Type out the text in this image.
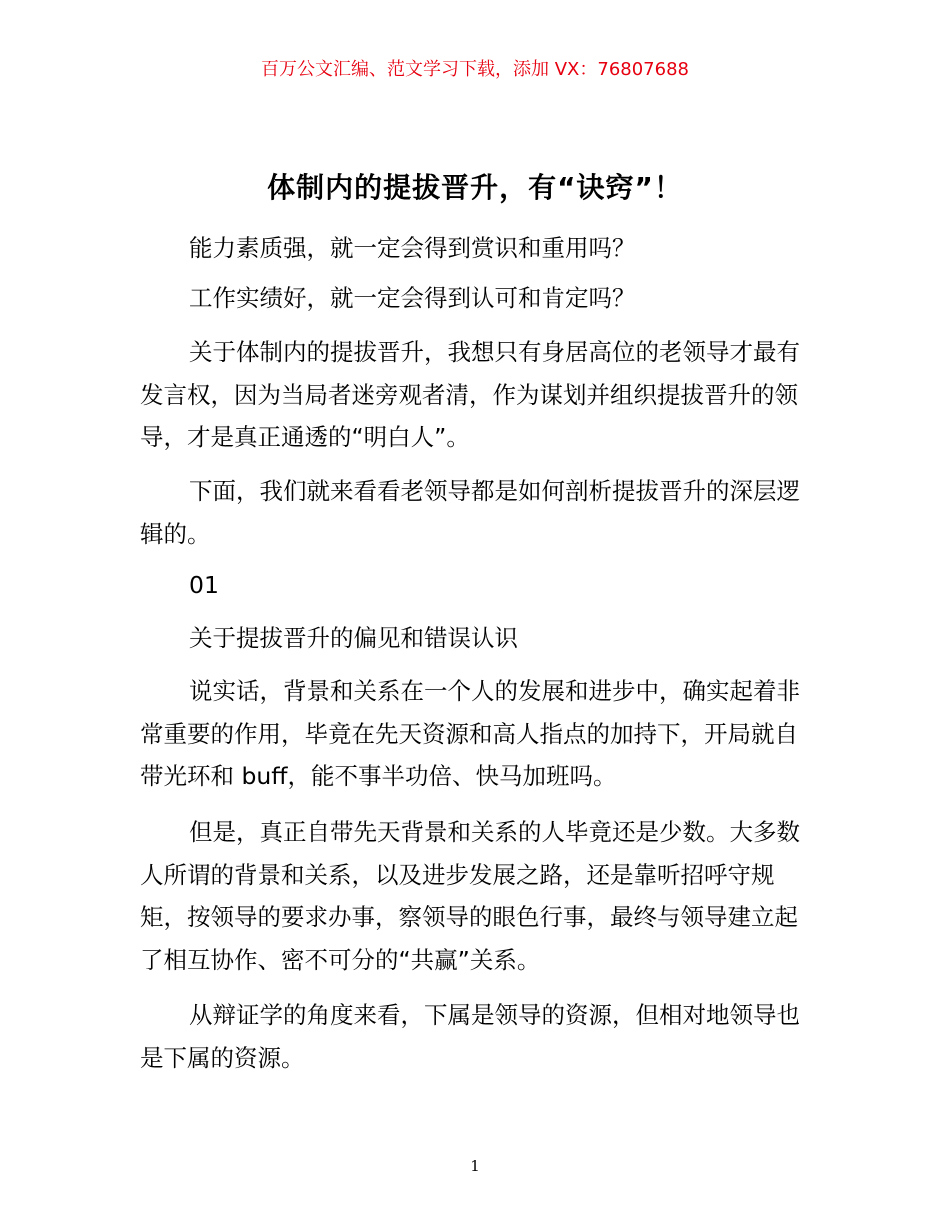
百万公文汇编、范文学习下载，添加 VX：76807688
体制内的提拔晋升，有“诀窍”！

能力素质强，就一定会得到赏识和重用吗？

工作实绩好，就一定会得到认可和肯定吗？

关于体制内的提拔晋升，我想只有身居高位的老领导才最有发言权，因为当局者迷旁观者清，作为谋划并组织提拔晋升的领导，才是真正通透的“明白人”。

下面，我们就来看看老领导都是如何剖析提拔晋升的深层逻辑的。

01

关于提拔晋升的偏见和错误认识

说实话，背景和关系在一个人的发展和进步中，确实起着非常重要的作用，毕竟在先天资源和高人指点的加持下，开局就自带光环和 buff，能不事半功倍、快马加班吗。

但是，真正自带先天背景和关系的人毕竟还是少数。大多数人所谓的背景和关系，以及进步发展之路，还是靠听招呼守规矩，按领导的要求办事，察领导的眼色行事，最终与领导建立起了相互协作、密不可分的“共赢”关系。

从辩证学的角度来看，下属是领导的资源，但相对地领导也是下属的资源。

1
